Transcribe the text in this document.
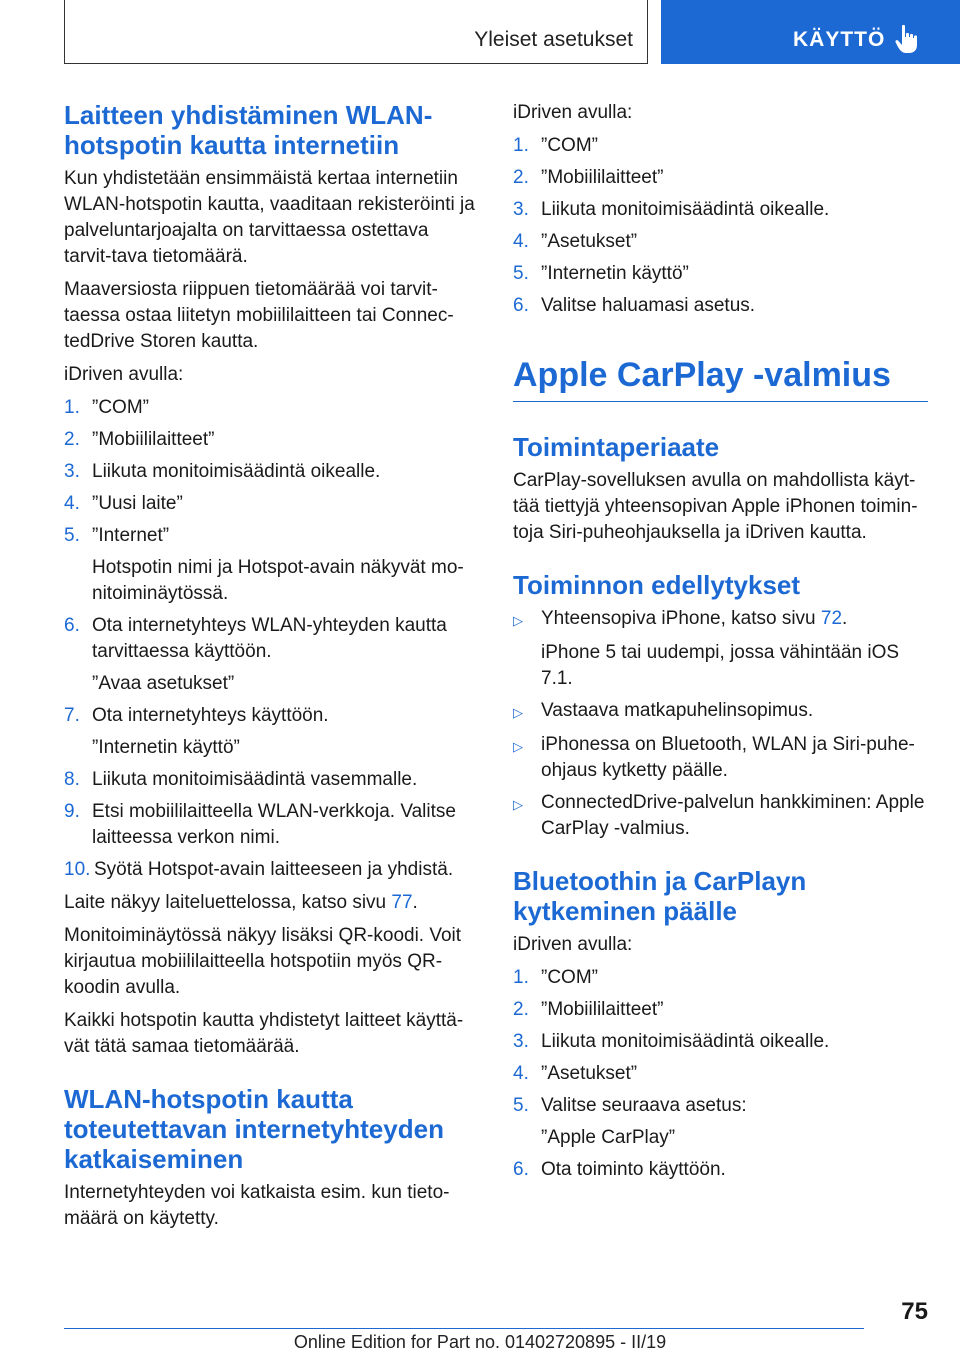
Yleiset asetukset	KÄYTTÖ
Laitteen yhdistäminen WLAN-hotspotin kautta internetiin

Kun yhdistetään ensimmäistä kertaa internetiin WLAN-hotspotin kautta, vaaditaan rekisteröinti ja palveluntarjoajalta on tarvittaessa ostettava tarvit-tava tietomäärä.

Maaversiosta riippuen tietomäärää voi tarvit-taessa ostaa liitetyn mobiililaitteen tai Connec-tedDrive Storen kautta.

iDriven avulla:

1. ”COM”
2. ”Mobiililaitteet”
3. Liikuta monitoimisäädintä oikealle.
4. ”Uusi laite”
5. ”Internet”
Hotspotin nimi ja Hotspot-avain näkyvät mo-nitoiminäytössä.
6. Ota internetyhteys WLAN-yhteyden kautta tarvittaessa käyttöön.
”Avaa asetukset”
7. Ota internetyhteys käyttöön.
”Internetin käyttö”
8. Liikuta monitoimisäädintä vasemmalle.
9. Etsi mobiililaitteella WLAN-verkkoja. Valitse laitteessa verkon nimi.
10. Syötä Hotspot-avain laitteeseen ja yhdistä.

Laite näkyy laiteluettelossa, katso sivu 77.

Monitoiminäytössä näkyy lisäksi QR-koodi. Voit kirjautua mobiililaitteella hotspotiin myös QR-koodin avulla.

Kaikki hotspotin kautta yhdistetyt laitteet käyttä-vät tätä samaa tietomäärää.

WLAN-hotspotin kautta toteutettavan internetyhteyden katkaiseminen

Internetyhteyden voi katkaista esim. kun tieto-määrä on käytetty.

iDriven avulla:

1. ”COM”
2. ”Mobiililaitteet”
3. Liikuta monitoimisäädintä oikealle.
4. ”Asetukset”
5. ”Internetin käyttö”
6. Valitse haluamasi asetus.
Apple CarPlay -valmius
Toimintaperiaate

CarPlay-sovelluksen avulla on mahdollista käyt-tää tiettyjä yhteensopivan Apple iPhonen toimin-toja Siri-puheohjauksella ja iDriven kautta.

Toiminnon edellytykset
▷ Yhteensopiva iPhone, katso sivu 72.
iPhone 5 tai uudempi, jossa vähintään iOS 7.1.
▷ Vastaava matkapuhelinsopimus.
▷ iPhonessa on Bluetooth, WLAN ja Siri-puhe-ohjaus kytketty päälle.
▷ ConnectedDrive-palvelun hankkiminen: Apple CarPlay -valmius.
Bluetoothin ja CarPlayn kytkeminen päälle

iDriven avulla:

1. ”COM”
2. ”Mobiililaitteet”
3. Liikuta monitoimisäädintä oikealle.
4. ”Asetukset”
5. Valitse seuraava asetus:
”Apple CarPlay”
6. Ota toiminto käyttöön.
75
Online Edition for Part no. 01402720895 - II/19
